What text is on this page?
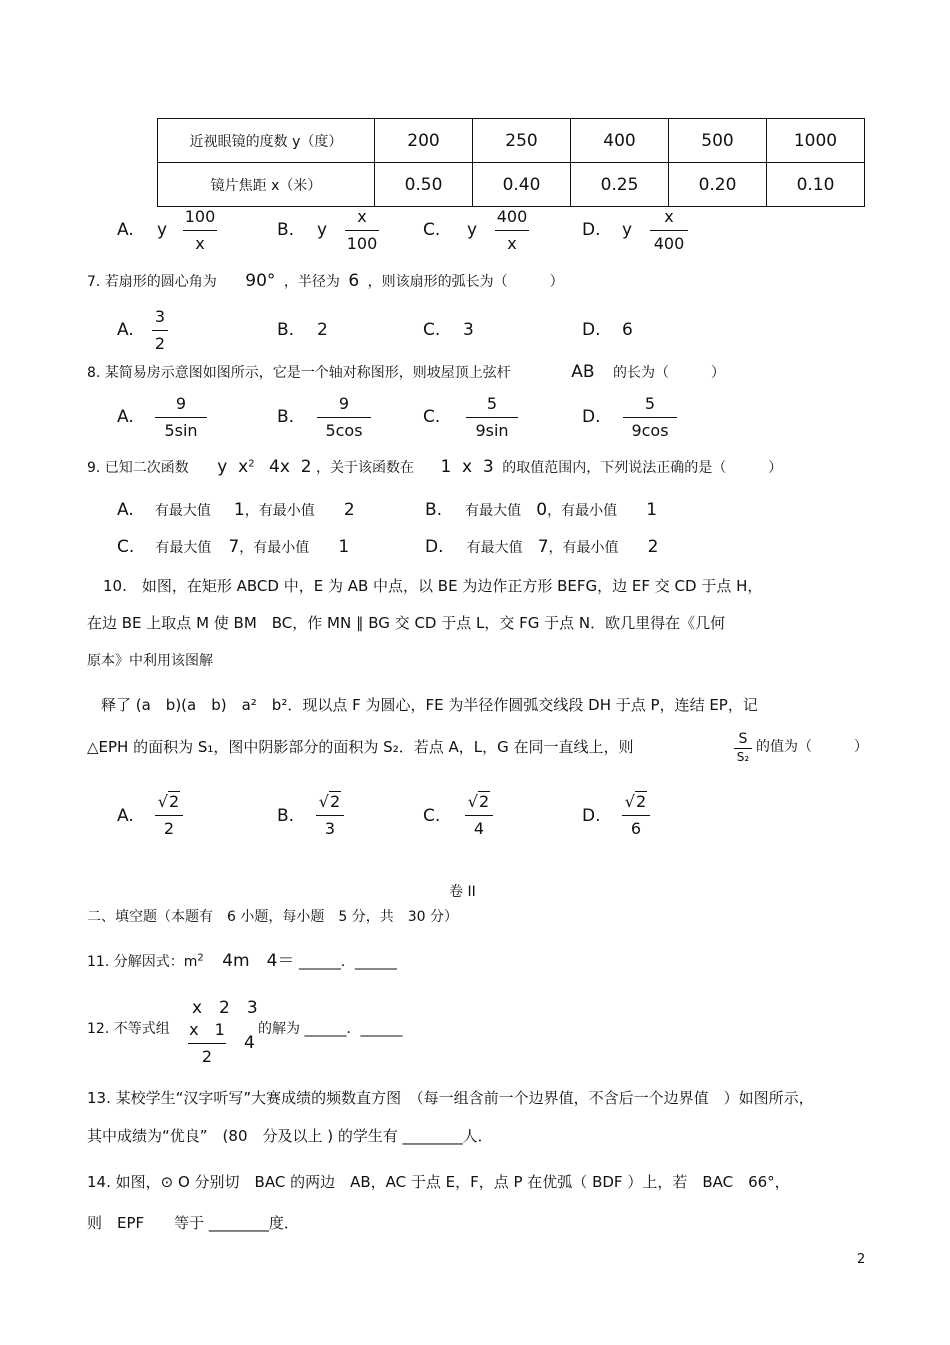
近视眼镜的度数 y（度）	200	250	400	500	1000
镜片焦距 x（米）	0.50	0.40	0.25	0.20	0.10
A. y
100
x
B. y
x
100
C. y
400
x
D. y
x
400
7. 若扇形的圆心角为 90° ，半径为 6 ，则该扇形的弧长为（　　　）
A.
3
2
B. 2	C. 3	D. 6
8. 某简易房示意图如图所示，它是一个轴对称图形，则坡屋顶上弦杆	AB 的长为（　　　）
A.
9
5sin
B.
9
5cos
C.
5
9sin
D.
5
9cos
9. 已知二次函数 y  $x^2$ 4x  2 ，关于该函数在 1  x  3 的取值范围内，下列说法正确的是（　　　）
A. 有最大值 1，有最小值 2	B. 有最大值 0，有最小值 1
C. 有最大值 7，有最小值 1	D. 有最大值 7，有最小值 2
10.　如图，在矩形 ABCD 中，E 为 AB 中点，以 BE 为边作正方形 BEFG，边 EF 交 CD 于点 H，
在边 BE 上取点 M 使 BM　BC，作 MN ∥ BG 交 CD 于点 L，交 FG 于点 N．欧几里得在《几何
原本》中利用该图解
释了 (a　b)(a　b)　a²　b²．现以点 F 为圆心，FE 为半径作圆弧交线段 DH 于点 P，连结 EP，记
△EPH 的面积为 S₁，图中阴影部分的面积为 S₂．若点 A，L，G 在同一直线上，则	S
S₂
的值为（　　　）
A.
√2
2
B.
√2
3
C.
√2
4
D.
√2
6
卷 II
二、填空题（本题有　6 小题，每小题　5 分，共　30 分）
11. 分解因式：$m^2$ 4m　4＝ ______．______
x　2　3
12. 不等式组 x　1
2
4
的解为 ______．______
13. 某校学生“汉字听写”大赛成绩的频数直方图　（每一组含前一个边界值，不含后一个边界值　）如图所示，
其中成绩为“优良”　(80　分及以上 ) 的学生有 ________人．
14. 如图，⊙ O 分别切　BAC 的两边　AB，AC 于点 E，F，点 P 在优弧（ BDF ）上，若　BAC　66°，
则　EPF　　等于 ________度．
2
